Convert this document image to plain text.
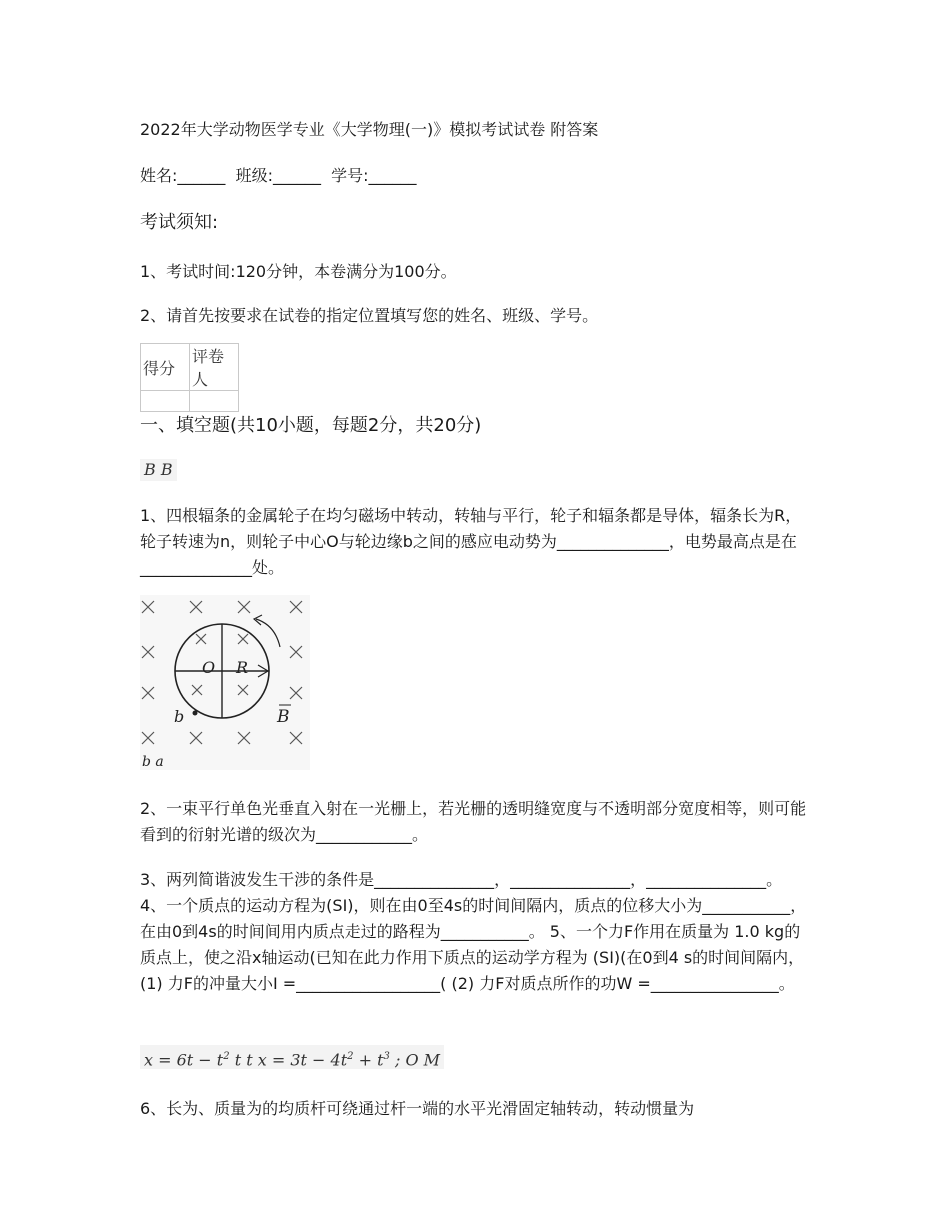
2022年大学动物医学专业《大学物理(一)》模拟考试试卷 附答案
姓名:______  班级:______  学号:______
考试须知:
1、考试时间:120分钟，本卷满分为100分。
2、请首先按要求在试卷的指定位置填写您的姓名、班级、学号。
得分	评卷人

一、填空题(共10小题，每题2分，共20分)
B B
1、四根辐条的金属轮子在均匀磁场中转动，转轴与平行，轮子和辐条都是导体，辐条长为R，轮子转速为n，则轮子中心O与轮边缘b之间的感应电动势为______________，电势最高点是在______________处。
O R
b	B
b a
2、一束平行单色光垂直入射在一光栅上，若光栅的透明缝宽度与不透明部分宽度相等，则可能看到的衍射光谱的级次为____________。
3、两列简谐波发生干涉的条件是_______________，_______________，_______________。 4、一个质点的运动方程为(SI)，则在由0至4s的时间间隔内，质点的位移大小为___________，在由0到4s的时间间用内质点走过的路程为___________。 5、一个力F作用在质量为 1.0 kg的质点上，使之沿x轴运动(已知在此力作用下质点的运动学方程为 (SI)(在0到4 s的时间间隔内，(1) 力F的冲量大小I =__________________( (2) 力F对质点所作的功W =________________。
$x = 6t - t^2$ t t $x = 3t - 4t^2 + t^3$ ; O M
6、长为、质量为的均质杆可绕通过杆一端的水平光滑固定轴转动，转动惯量为
